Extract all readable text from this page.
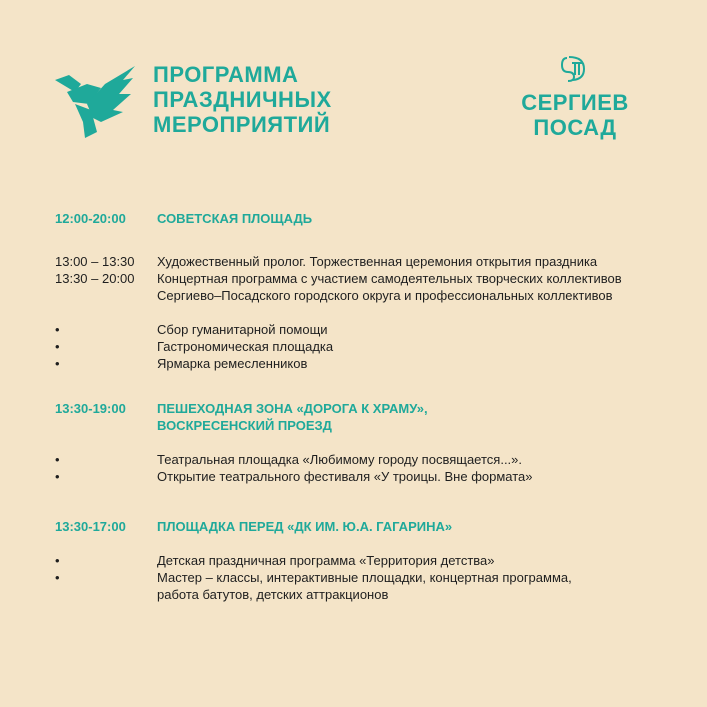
ПРОГРАММА
ПРАЗДНИЧНЫХ
МЕРОПРИЯТИЙ
СЕРГИЕВ
ПОСАД
12:00-20:00 СОВЕТСКАЯ ПЛОЩАДЬ
13:00 – 13:30 Художественный пролог. Торжественная церемония открытия праздника
13:30 – 20:00 Концертная программа с участием самодеятельных творческих коллективов
Сергиево–Посадского городского округа и профессиональных коллективов
•	Сбор гуманитарной помощи
•	Гастрономическая площадка
•	Ярмарка ремесленников
13:30-19:00 ПЕШЕХОДНАЯ ЗОНА «ДОРОГА К ХРАМУ»,
ВОСКРЕСЕНСКИЙ ПРОЕЗД
•	Театральная площадка «Любимому городу посвящается...».
•	Открытие театрального фестиваля «У троицы. Вне формата»
13:30-17:00 ПЛОЩАДКА ПЕРЕД «ДК ИМ. Ю.А. ГАГАРИНА»
•	Детская праздничная программа «Территория детства»
•	Мастер – классы, интерактивные площадки, концертная программа,
работа батутов, детских аттракционов
